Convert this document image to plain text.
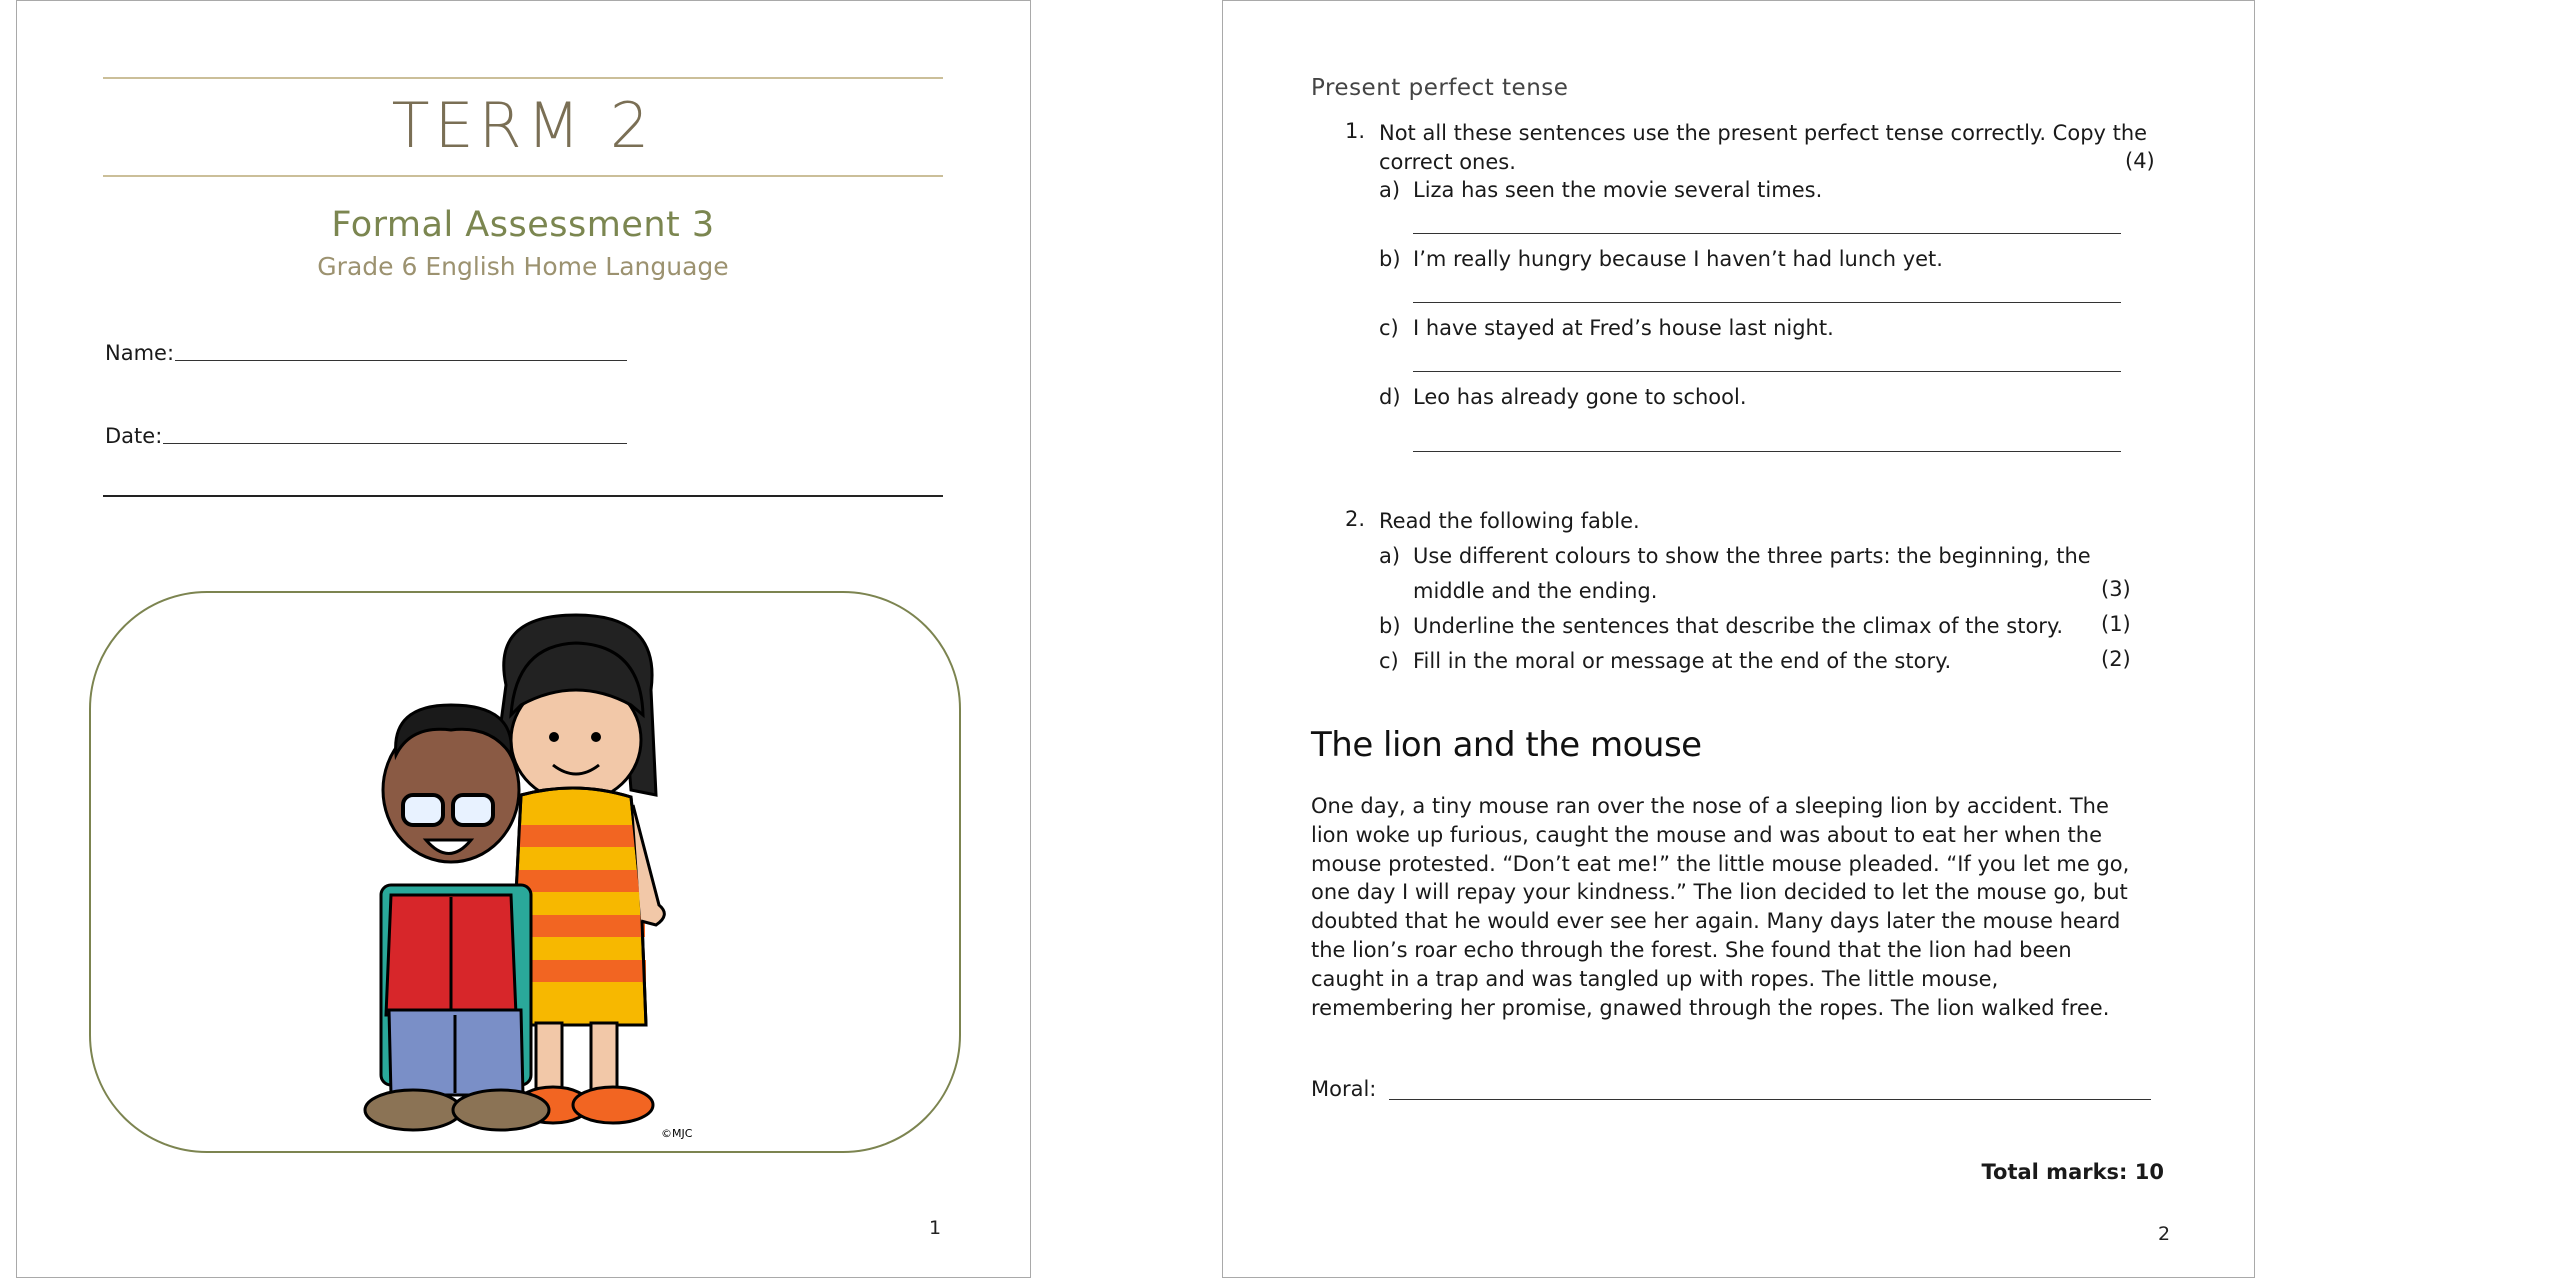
TERM 2
Formal Assessment 3
Grade 6 English Home Language
Name:
Date:
©MJC
1
Present perfect tense
1. Not all these sentences use the present perfect tense correctly. Copy the
correct ones.	(4)
a) Liza has seen the movie several times.
b) I’m really hungry because I haven’t had lunch yet.
c) I have stayed at Fred’s house last night.
d) Leo has already gone to school.
2. Read the following fable.
a) Use different colours to show the three parts: the beginning, the
middle and the ending.	(3)
b) Underline the sentences that describe the climax of the story. (1)
c) Fill in the moral or message at the end of the story.	(2)
The lion and the mouse
One day, a tiny mouse ran over the nose of a sleeping lion by accident. The
lion woke up furious, caught the mouse and was about to eat her when the
mouse protested. “Don’t eat me!” the little mouse pleaded. “If you let me go,
one day I will repay your kindness.” The lion decided to let the mouse go, but
doubted that he would ever see her again. Many days later the mouse heard
the lion’s roar echo through the forest. She found that the lion had been
caught in a trap and was tangled up with ropes. The little mouse,
remembering her promise, gnawed through the ropes. The lion walked free.
Moral:
Total marks: 10
2
